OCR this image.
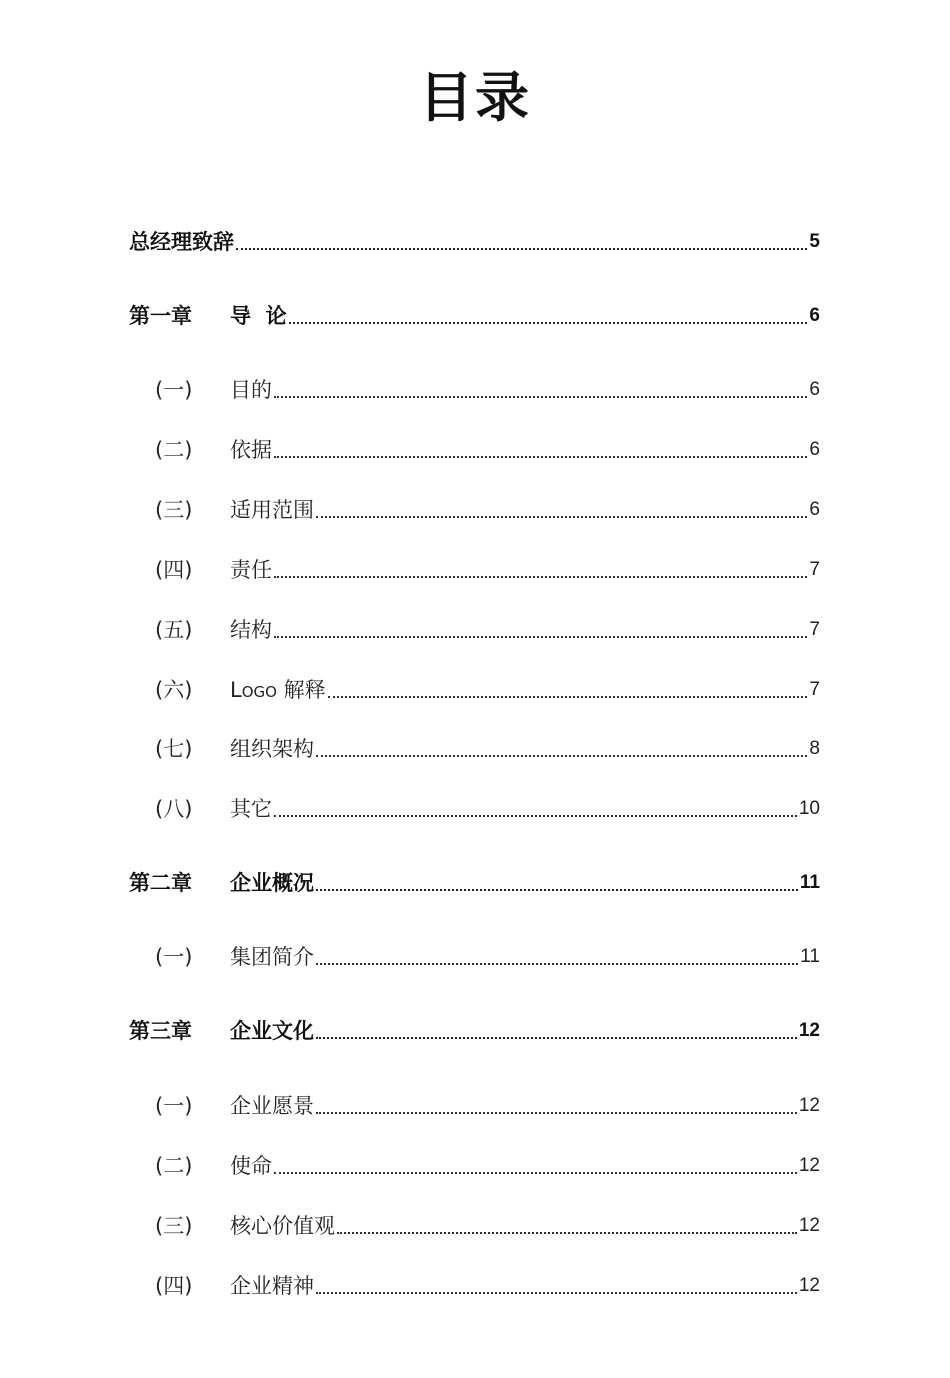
目录
总经理致辞	5
第一章	导  论	6
(一)	目的	6
(二)	依据	6
(三)	适用范围	6
(四)	责任	7
(五)	结构	7
(六)	Logo 解释	7
(七)	组织架构	8
(八)	其它	10
第二章	企业概况	11
(一)	集团简介	11
第三章	企业文化	12
(一)	企业愿景	12
(二)	使命	12
(三)	核心价值观	12
(四)	企业精神	12
